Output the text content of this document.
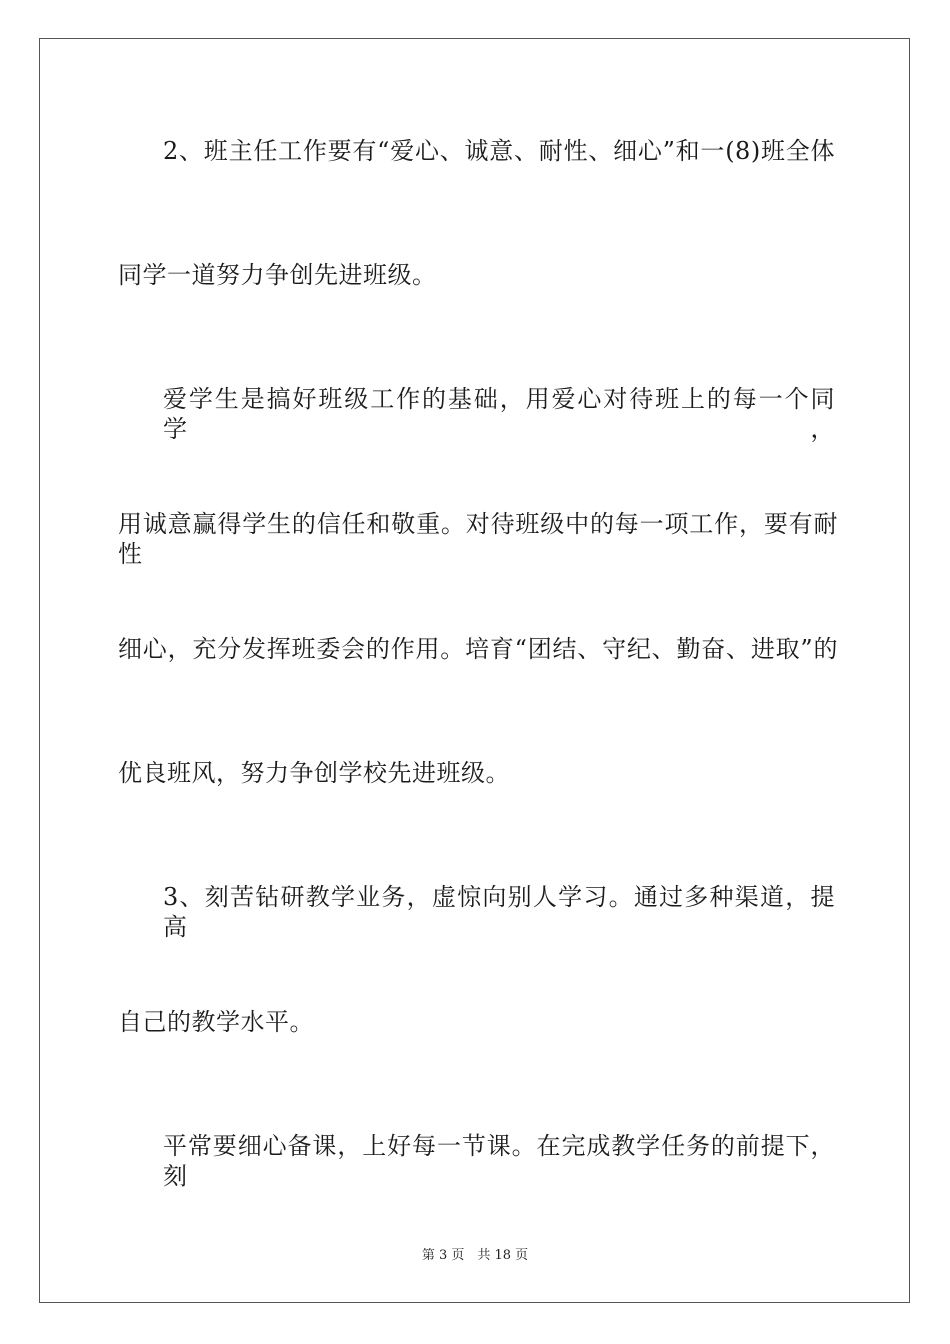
2、班主任工作要有“爱心、诚意、耐性、细心”和一(8)班全体
同学一道努力争创先进班级。
爱学生是搞好班级工作的基础，用爱心对待班上的每一个同学，
用诚意赢得学生的信任和敬重。对待班级中的每一项工作，要有耐性
细心，充分发挥班委会的作用。培育“团结、守纪、勤奋、进取”的
优良班风，努力争创学校先进班级。
3、刻苦钻研教学业务，虚惊向别人学习。通过多种渠道，提高
自己的教学水平。
平常要细心备课，上好每一节课。在完成教学任务的前提下，刻
第 3 页　共 18 页
